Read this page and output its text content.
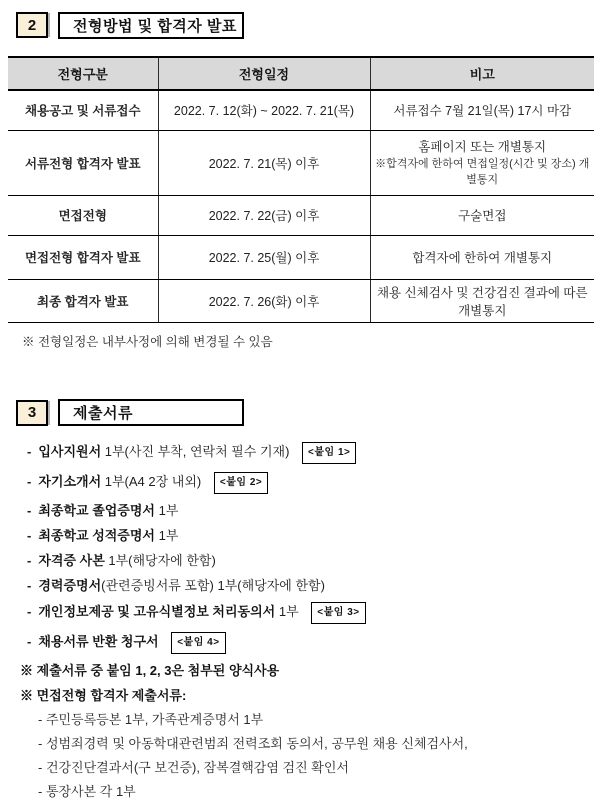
2	전형방법 및 합격자 발표
전형구분	전형일정	비고
채용공고 및 서류접수	2022. 7. 12(화) ~ 2022. 7. 21(목)	서류접수 7월 21일(목) 17시 마감
서류전형 합격자 발표	2022. 7. 21(목) 이후	홈페이지 또는 개별통지
※합격자에 한하여 면접일정(시간 및 장소) 개별통지

면접전형	2022. 7. 22(금) 이후	구술면접
면접전형 합격자 발표	2022. 7. 25(월) 이후	합격자에 한하여 개별통지
최종 합격자 발표	2022. 7. 26(화) 이후	채용 신체검사 및 건강검진 결과에 따른 개별통지
※ 전형일정은 내부사정에 의해 변경될 수 있음
3	제출서류
- 입사지원서 1부(사진 부착, 연락처 필수 기재) <붙임 1>
- 자기소개서 1부(A4 2장 내외) <붙임 2>
- 최종학교 졸업증명서 1부
- 최종학교 성적증명서 1부
- 자격증 사본 1부(해당자에 한함)
- 경력증명서(관련증빙서류 포함) 1부(해당자에 한함)
- 개인정보제공 및 고유식별정보 처리동의서 1부 <붙임 3>
- 채용서류 반환 청구서 <붙임 4>
※ 제출서류 중 붙임 1, 2, 3은 첨부된 양식사용
※ 면접전형 합격자 제출서류:
- 주민등록등본 1부, 가족관계증명서 1부
- 성범죄경력 및 아동학대관련범죄 전력조회 동의서, 공무원 채용 신체검사서,
- 건강진단결과서(구 보건증), 잠복결핵감염 검진 확인서
- 통장사본 각 1부
